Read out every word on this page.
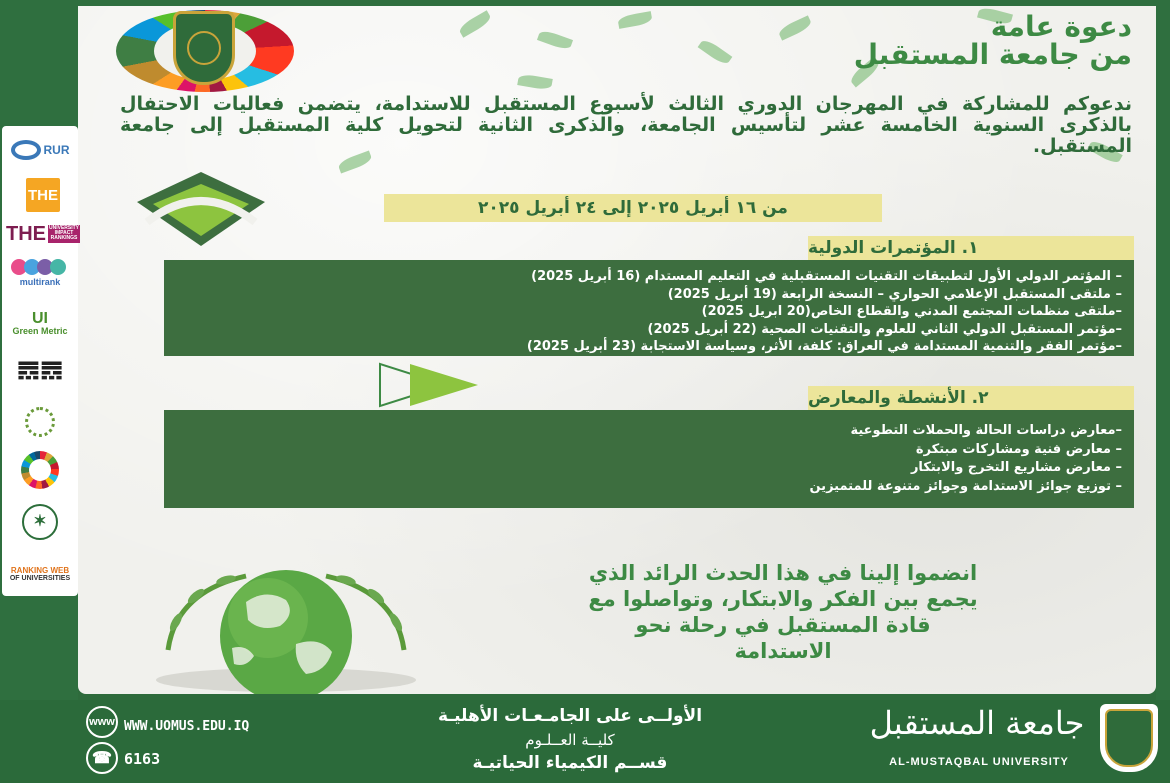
RUR
THE
THE UNIVERSITY IMPACT RANKINGS
multirank
UI
Green Metric
𝌋𝌋
✶
RANKING WEB
OF UNIVERSITIES
دعوة عامة
من جامعة المستقبل
ندعوكم للمشاركة في المهرجان الدوري الثالث لأسبوع المستقبل للاستدامة، يتضمن فعاليات الاحتفال بالذكرى السنوية الخامسة عشر لتأسيس الجامعة، والذكرى الثانية لتحويل كلية المستقبل إلى جامعة المستقبل.
من ١٦ أبريل ٢٠٢٥ إلى ٢٤ أبريل ٢٠٢٥
١. المؤتمرات الدولية
– المؤتمر الدولي الأول لتطبيقات التقنيات المستقبلية في التعليم المستدام (16 أبريل 2025)
– ملتقى المستقبل الإعلامي الحواري – النسخة الرابعة (19 أبريل 2025)
–ملتقى منظمات المجتمع المدني والقطاع الخاص(20 ابريل 2025)
–مؤتمر المستقبل الدولي الثاني للعلوم والتقنيات الصحية (22 أبريل 2025)
–مؤتمر الفقر والتنمية المستدامة في العراق: كلفة، الأثر، وسياسة الاستجابة (23 أبريل 2025)
٢. الأنشطة والمعارض
–معارض دراسات الحالة والحملات التطوعية
– معارض فنية ومشاركات مبتكرة
– معارض مشاريع التخرج والابتكار
– توزيع جوائز الاستدامة وجوائز متنوعة للمتميزين
انضموا إلينا في هذا الحدث الرائد الذي
يجمع بين الفكر والابتكار، وتواصلوا مع
قادة المستقبل في رحلة نحو
الاستدامة
www WWW.UOMUS.EDU.IQ
☎ 6163
الأولــى على الجامـعـات الأهليـة
كليــة العــلـوم
قســم الكيمياء الحياتيـة
جامعة المستقبل
AL-MUSTAQBAL UNIVERSITY
